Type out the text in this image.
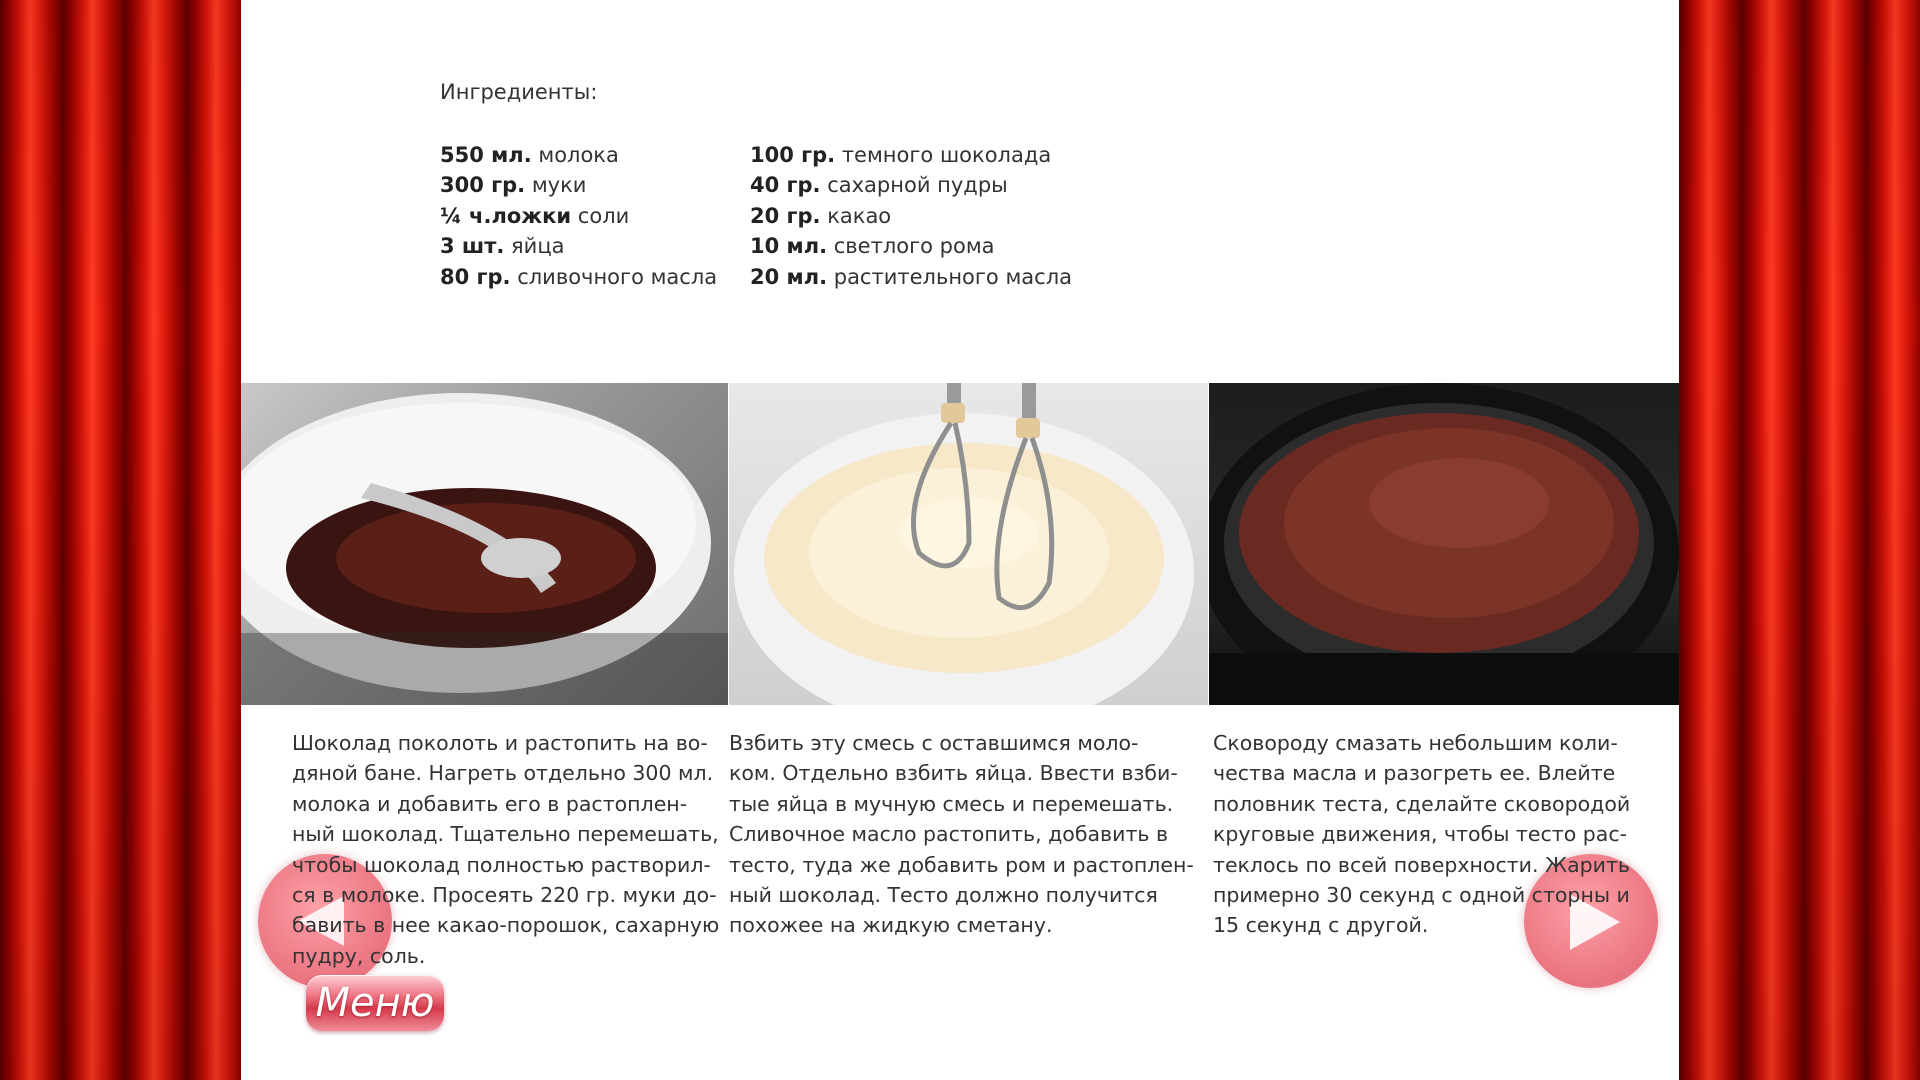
Ингредиенты:
550 мл. молока
300 гр. муки
¼ ч.ложки соли
3 шт. яйца
80 гр. сливочного масла
100 гр. темного шоколада
40 гр. сахарной пудры
20 гр. какао
10 мл. светлого рома
20 мл. растительного масла
Шоколад поколоть и растопить на во-
дяной бане. Нагреть отдельно 300 мл.
молока и добавить его в растоплен-
ный шоколад. Тщательно перемешать,
чтобы шоколад полностью растворил-
ся в молоке. Просеять 220 гр. муки до-
бавить в нее какао-порошок, сахарную
пудру, соль.
Взбить эту смесь с оставшимся моло-
ком. Отдельно взбить яйца. Ввести взби-
тые яйца в мучную смесь и перемешать.
Сливочное масло растопить, добавить в
тесто, туда же добавить ром и растоплен-
ный шоколад. Тесто должно получится
похожее на жидкую сметану.
Сковороду смазать небольшим коли-
чества масла и разогреть ее. Влейте
половник теста, сделайте сковородой
круговые движения, чтобы тесто рас-
теклось по всей поверхности. Жарить
примерно 30 секунд с одной сторны и
15 секунд с другой.
Меню
